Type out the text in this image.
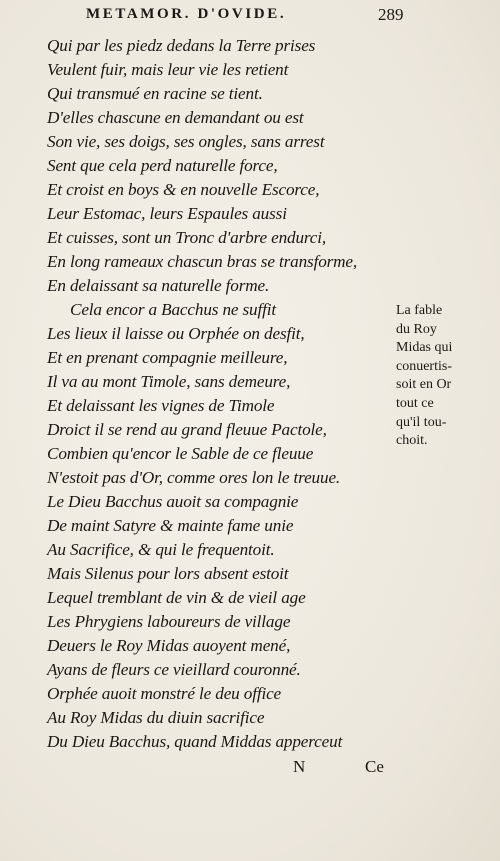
METAMOR. D'OVIDE.	289
Qui par les piedz dedans la Terre prises
Veulent fuir, mais leur vie les retient
Qui transmué en racine se tient.
D'elles chascune en demandant ou est
Son vie, ses doigs, ses ongles, sans arrest
Sent que cela perd naturelle force,
Et croist en boys & en nouvelle Escorce,
Leur Estomac, leurs Espaules aussi
Et cuisses, sont un Tronc d'arbre endurci,
En long rameaux chascun bras se transforme,
En delaissant sa naturelle forme.
Cela encor a Bacchus ne suffit
Les lieux il laisse ou Orphée on desfit,
Et en prenant compagnie meilleure,
Il va au mont Timole, sans demeure,
Et delaissant les vignes de Timole
Droict il se rend au grand fleuue Pactole,
Combien qu'encor le Sable de ce fleuue
N'estoit pas d'Or, comme ores lon le treuue.
Le Dieu Bacchus auoit sa compagnie
De maint Satyre & mainte fame unie
Au Sacrifice, & qui le frequentoit.
Mais Silenus pour lors absent estoit
Lequel tremblant de vin & de vieil age
Les Phrygiens laboureurs de village
Deuers le Roy Midas auoyent mené,
Ayans de fleurs ce vieillard couronné.
Orphée auoit monstré le deu office
Au Roy Midas du diuin sacrifice
Du Dieu Bacchus, quand Middas apperceut
La fable
du Roy
Midas qui
conuertis-
soit en Or
tout ce
qu'il tou-
choit.
N	Ce
